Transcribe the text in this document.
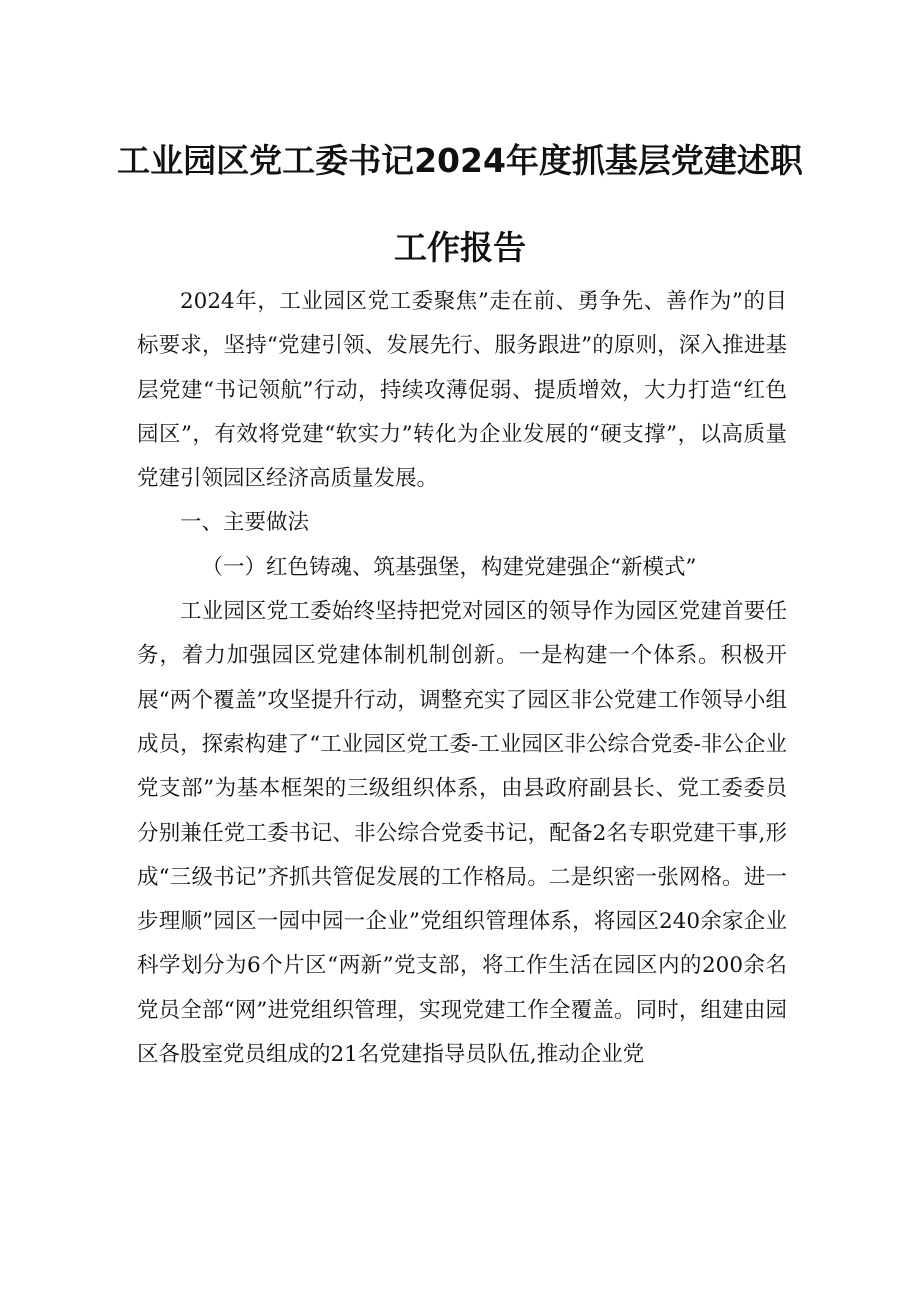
工业园区党工委书记2024年度抓基层党建述职
工作报告

2024年，工业园区党工委聚焦”走在前、勇争先、善作为”的目标要求，坚持“党建引领、发展先行、服务跟进”的原则，深入推进基层党建“书记领航”行动，持续攻薄促弱、提质增效，大力打造“红色园区”，有效将党建“软实力”转化为企业发展的“硬支撑”，以高质量党建引领园区经济高质量发展。

一、主要做法

（一）红色铸魂、筑基强堡，构建党建强企“新模式”

工业园区党工委始终坚持把党对园区的领导作为园区党建首要任务，着力加强园区党建体制机制创新。一是构建一个体系。积极开展“两个覆盖”攻坚提升行动，调整充实了园区非公党建工作领导小组成员，探索构建了“工业园区党工委-工业园区非公综合党委-非公企业党支部”为基本框架的三级组织体系，由县政府副县长、党工委委员分别兼任党工委书记、非公综合党委书记，配备2名专职党建干事,形成“三级书记”齐抓共管促发展的工作格局。二是织密一张网格。进一步理顺”园区一园中园一企业”党组织管理体系，将园区240余家企业科学划分为6个片区“两新”党支部，将工作生活在园区内的200余名党员全部“网”进党组织管理，实现党建工作全覆盖。同时，组建由园区各股室党员组成的21名党建指导员队伍,推动企业党
